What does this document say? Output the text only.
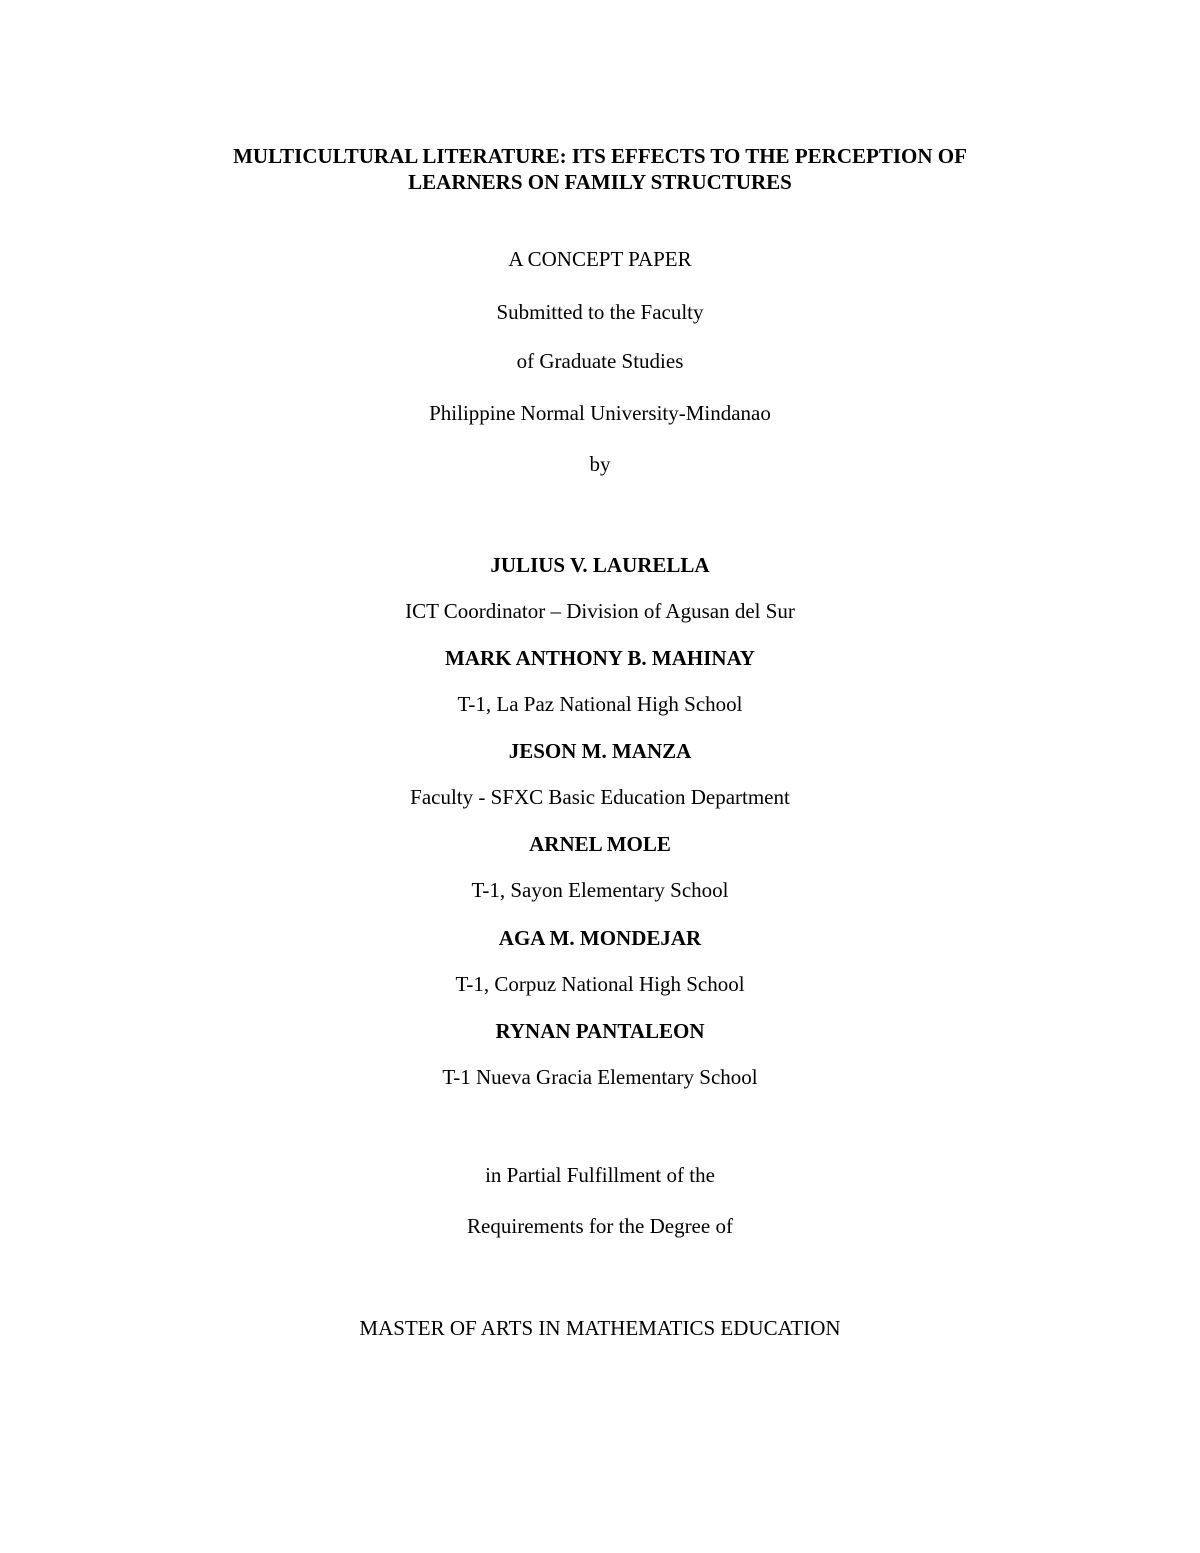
MULTICULTURAL LITERATURE: ITS EFFECTS TO THE PERCEPTION OF
LEARNERS ON FAMILY STRUCTURES
A CONCEPT PAPER
Submitted to the Faculty
of Graduate Studies
Philippine Normal University-Mindanao
by
JULIUS V. LAURELLA
ICT Coordinator – Division of Agusan del Sur
MARK ANTHONY B. MAHINAY
T-1, La Paz National High School
JESON M. MANZA
Faculty - SFXC Basic Education Department
ARNEL MOLE
T-1, Sayon Elementary School
AGA M. MONDEJAR
T-1, Corpuz National High School
RYNAN PANTALEON
T-1 Nueva Gracia Elementary School
in Partial Fulfillment of the
Requirements for the Degree of
MASTER OF ARTS IN MATHEMATICS EDUCATION
